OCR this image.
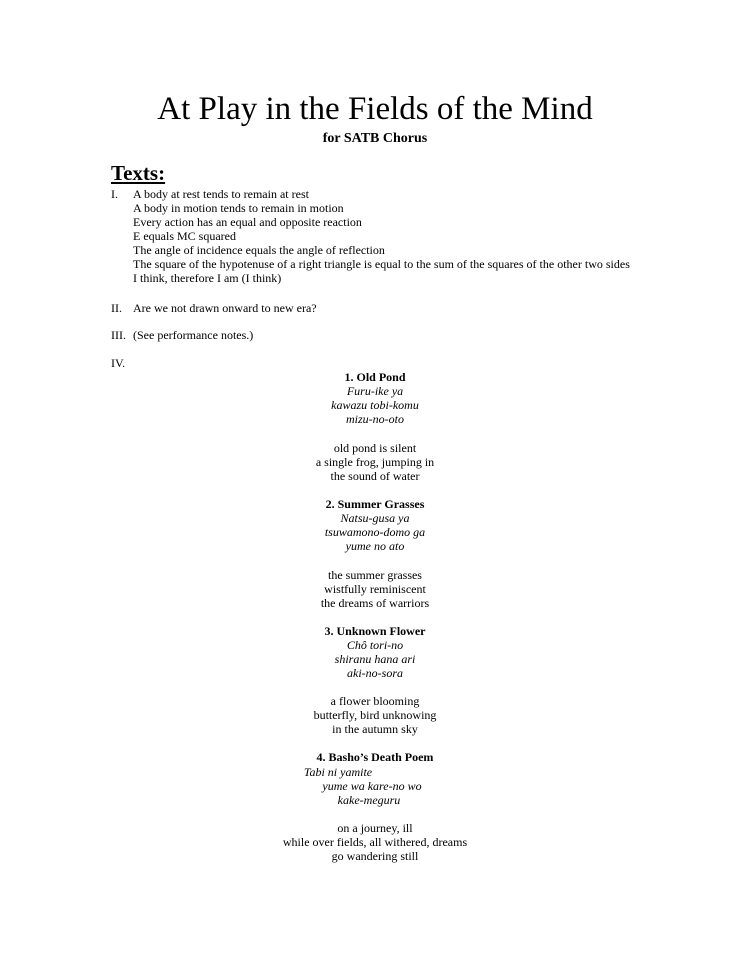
At Play in the Fields of the Mind
for SATB Chorus
Texts:
I. A body at rest tends to remain at rest
A body in motion tends to remain in motion
Every action has an equal and opposite reaction
E equals MC squared
The angle of incidence equals the angle of reflection
The square of the hypotenuse of a right triangle is equal to the sum of the squares of the other two sides
I think, therefore I am (I think)
II. Are we not drawn onward to new era?
III. (See performance notes.)
IV.
1. Old Pond
Furu-ike ya
kawazu tobi-komu
mizu-no-oto
old pond is silent
a single frog, jumping in
the sound of water
2. Summer Grasses
Natsu-gusa ya
tsuwamono-domo ga
yume no ato
the summer grasses
wistfully reminiscent
the dreams of warriors
3. Unknown Flower
Chô tori-no
shiranu hana ari
aki-no-sora
a flower blooming
butterfly, bird unknowing
in the autumn sky
4. Basho’s Death Poem
Tabi ni yamite
yume wa kare-no wo
kake-meguru
on a journey, ill
while over fields, all withered, dreams
go wandering still
